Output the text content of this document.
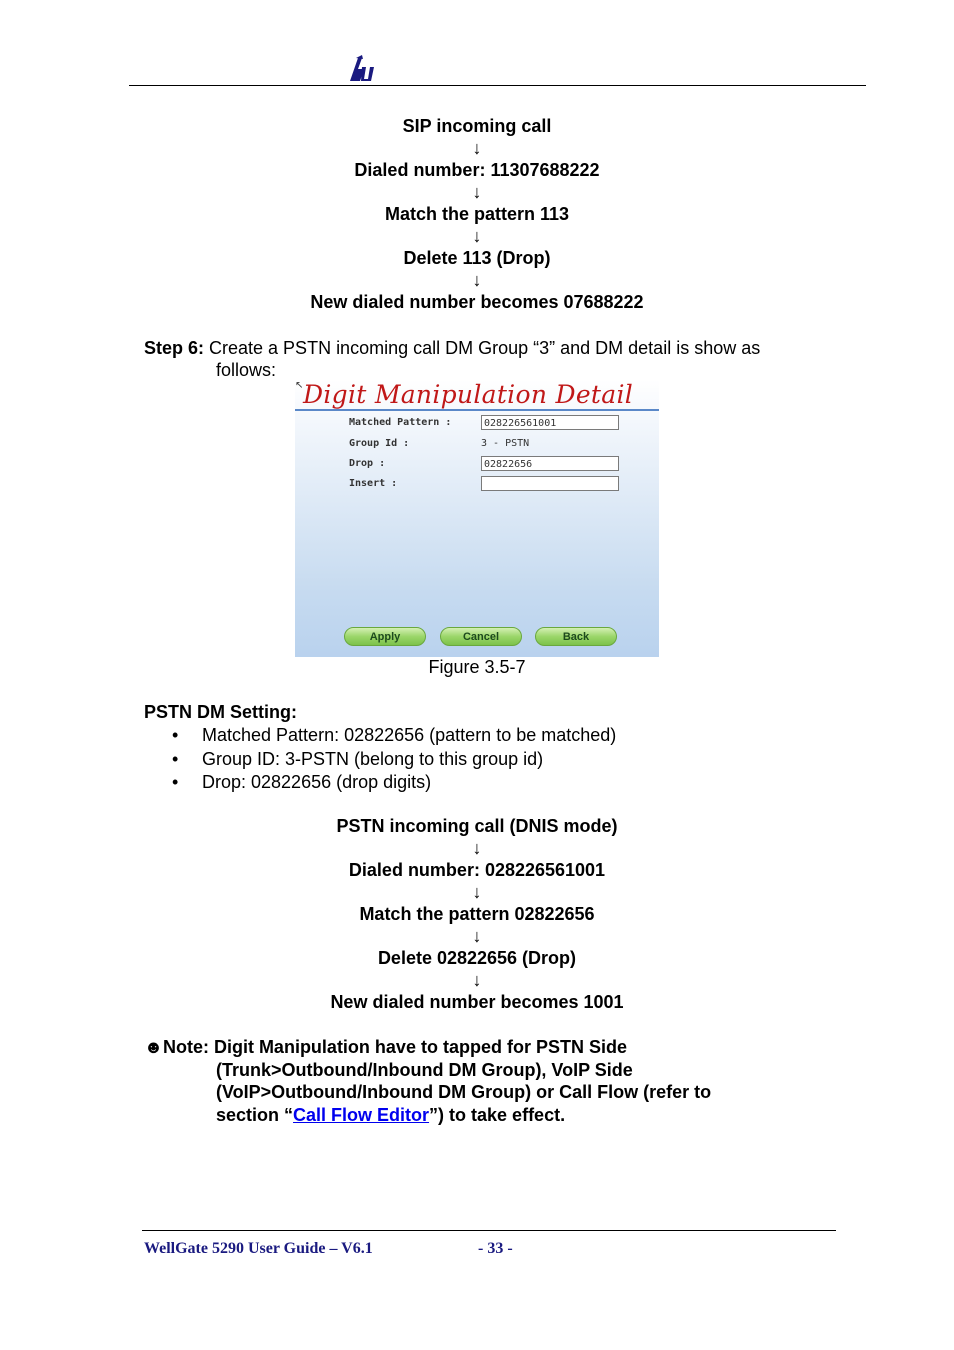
SIP incoming call
↓
Dialed number: 11307688222
↓
Match the pattern 113
↓
Delete 113 (Drop)
↓
New dialed number becomes 07688222
Step 6: Create a PSTN incoming call DM Group “3” and DM detail is show as
follows:
↖ Digit Manipulation Detail
Matched Pattern :	028226561001
Group Id :	3 - PSTN
Drop :	02822656
Insert :
Apply	Cancel	Back
Figure 3.5-7
PSTN DM Setting:
• Matched Pattern: 02822656 (pattern to be matched)
• Group ID: 3-PSTN (belong to this group id)
• Drop: 02822656 (drop digits)
PSTN incoming call (DNIS mode)
↓
Dialed number: 028226561001
↓
Match the pattern 02822656
↓
Delete 02822656 (Drop)
↓
New dialed number becomes 1001
☻Note: Digit Manipulation have to tapped for PSTN Side
(Trunk>Outbound/Inbound DM Group), VoIP Side
(VoIP>Outbound/Inbound DM Group) or Call Flow (refer to
section “Call Flow Editor”) to take effect.
WellGate 5290 User Guide – V6.1	- 33 -
